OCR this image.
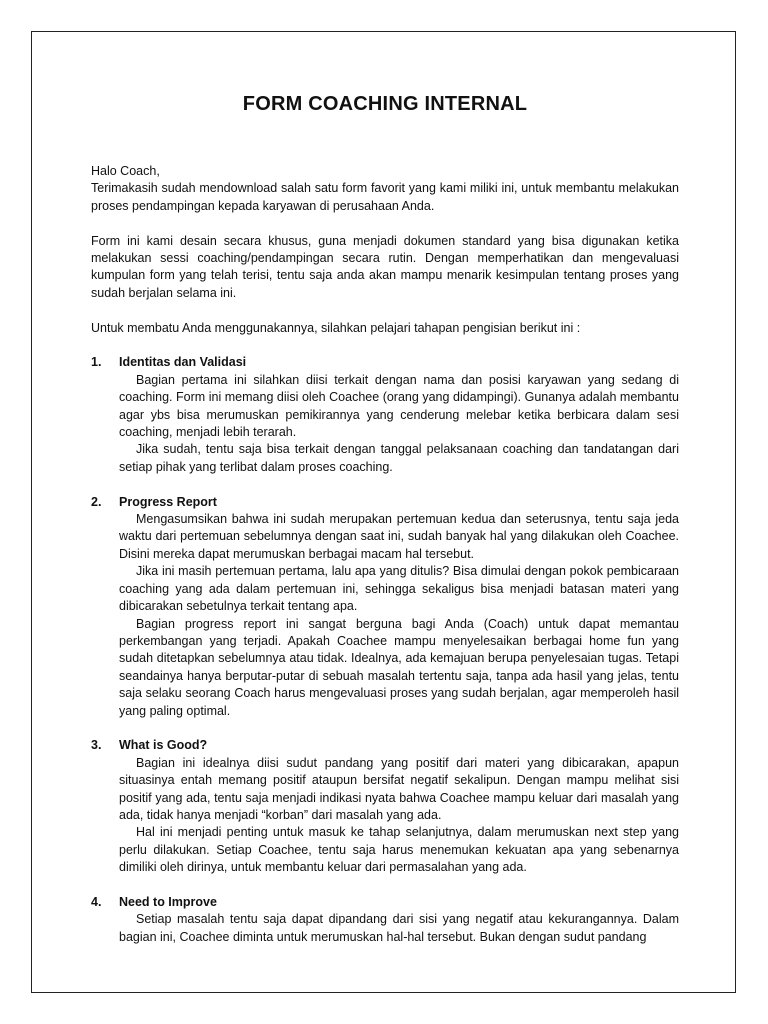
FORM COACHING INTERNAL

Halo Coach,

Terimakasih sudah mendownload salah satu form favorit yang kami miliki ini, untuk membantu melakukan proses pendampingan kepada karyawan di perusahaan Anda.

Form ini kami desain secara khusus, guna menjadi dokumen standard yang bisa digunakan ketika melakukan sessi coaching/pendampingan secara rutin. Dengan memperhatikan dan mengevaluasi kumpulan form yang telah terisi, tentu saja anda akan mampu menarik kesimpulan tentang proses yang sudah berjalan selama ini.

Untuk membatu Anda menggunakannya, silahkan pelajari tahapan pengisian berikut ini :

1.	Identitas dan Validasi

Bagian pertama ini silahkan diisi terkait dengan nama dan posisi karyawan yang sedang di coaching. Form ini memang diisi oleh Coachee (orang yang didampingi). Gunanya adalah membantu agar ybs bisa merumuskan pemikirannya yang cenderung melebar ketika berbicara dalam sesi coaching, menjadi lebih terarah.

Jika sudah, tentu saja bisa terkait dengan tanggal pelaksanaan coaching dan tandatangan dari setiap pihak yang terlibat dalam proses coaching.

2.	Progress Report

Mengasumsikan bahwa ini sudah merupakan pertemuan kedua dan seterusnya, tentu saja jeda waktu dari pertemuan sebelumnya dengan saat ini, sudah banyak hal yang dilakukan oleh Coachee. Disini mereka dapat merumuskan berbagai macam hal tersebut.

Jika ini masih pertemuan pertama, lalu apa yang ditulis? Bisa dimulai dengan pokok pembicaraan coaching yang ada dalam pertemuan ini, sehingga sekaligus bisa menjadi batasan materi yang dibicarakan sebetulnya terkait tentang apa.

Bagian progress report ini sangat berguna bagi Anda (Coach) untuk dapat memantau perkembangan yang terjadi. Apakah Coachee mampu menyelesaikan berbagai home fun yang sudah ditetapkan sebelumnya atau tidak. Idealnya, ada kemajuan berupa penyelesaian tugas. Tetapi seandainya hanya berputar-putar di sebuah masalah tertentu saja, tanpa ada hasil yang jelas, tentu saja selaku seorang Coach harus mengevaluasi proses yang sudah berjalan, agar memperoleh hasil yang paling optimal.

3.	What is Good?

Bagian ini idealnya diisi sudut pandang yang positif dari materi yang dibicarakan, apapun situasinya entah memang positif ataupun bersifat negatif sekalipun. Dengan mampu melihat sisi positif yang ada, tentu saja menjadi indikasi nyata bahwa Coachee mampu keluar dari masalah yang ada, tidak hanya menjadi “korban” dari masalah yang ada.

Hal ini menjadi penting untuk masuk ke tahap selanjutnya, dalam merumuskan next step yang perlu dilakukan. Setiap Coachee, tentu saja harus menemukan kekuatan apa yang sebenarnya dimiliki oleh dirinya, untuk membantu keluar dari permasalahan yang ada.

4.	Need to Improve

Setiap masalah tentu saja dapat dipandang dari sisi yang negatif atau kekurangannya. Dalam bagian ini, Coachee diminta untuk merumuskan hal-hal tersebut. Bukan dengan sudut pandang
